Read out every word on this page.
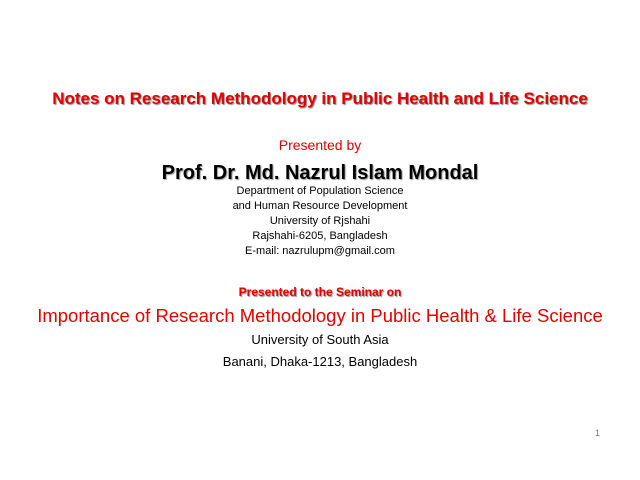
Notes on Research Methodology in Public Health and Life Science
Presented by
Prof. Dr. Md. Nazrul Islam Mondal
Department of Population Science
and Human Resource Development
University of Rjshahi
Rajshahi-6205, Bangladesh
E-mail: nazrulupm@gmail.com
Presented to the Seminar on
Importance of Research Methodology in Public Health & Life Science
University of South Asia
Banani, Dhaka-1213, Bangladesh
1
